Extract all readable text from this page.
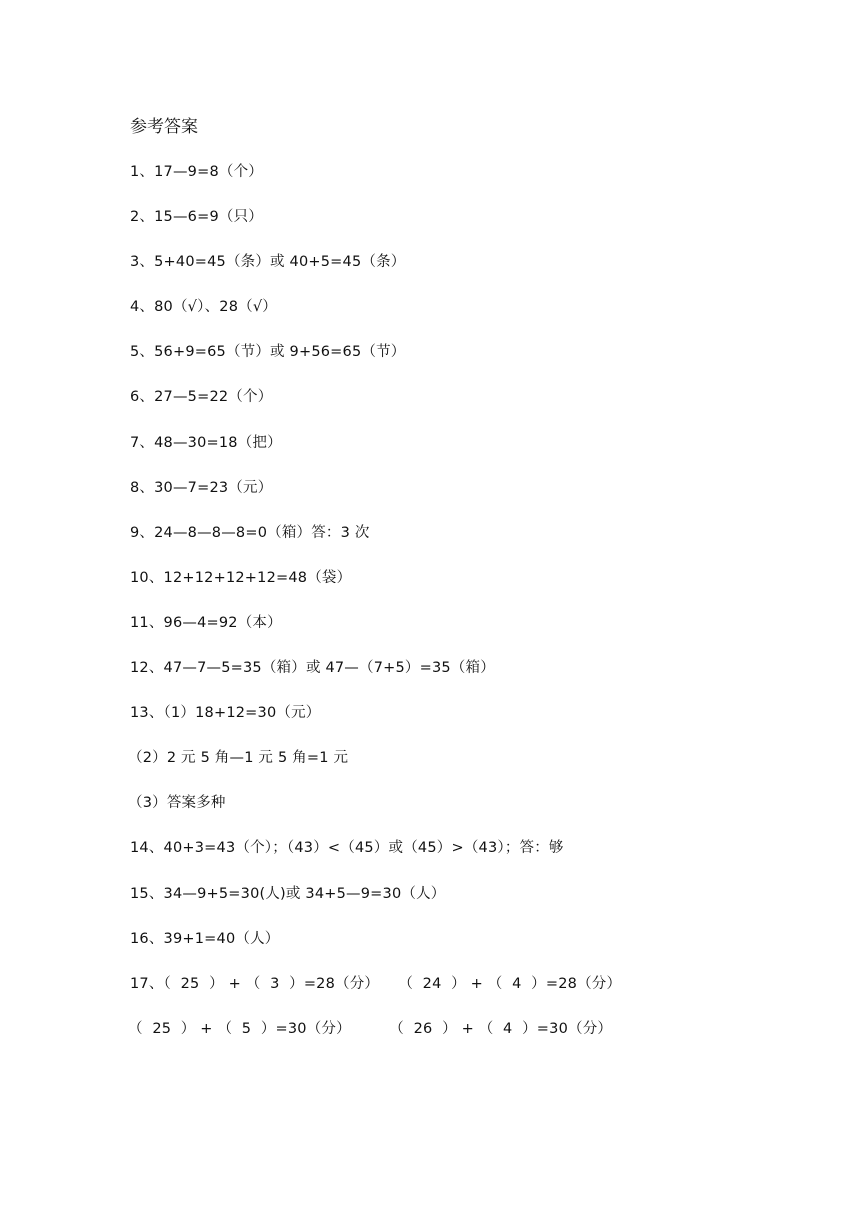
参考答案
1、17—9=8（个）
2、15—6=9（只）
3、5+40=45（条）或 40+5=45（条）
4、80（√）、28（√）
5、56+9=65（节）或 9+56=65（节）
6、27—5=22（个）
7、48—30=18（把）
8、30—7=23（元）
9、24—8—8—8=0（箱）答：3 次
10、12+12+12+12=48（袋）
11、96—4=92（本）
12、47—7—5=35（箱）或 47—（7+5）=35（箱）
13、（1）18+12=30（元）
（2）2 元 5 角—1 元 5 角=1 元
（3）答案多种
14、40+3=43（个）；（43）<（45）或（45）>（43）；答：够
15、34—9+5=30(人)或 34+5—9=30（人）
16、39+1=40（人）
17、（  25  ） + （  3  ）=28（分）    （  24  ） + （  4  ）=28（分）
（  25  ） + （  5  ）=30（分）        （  26  ） + （  4  ）=30（分）
